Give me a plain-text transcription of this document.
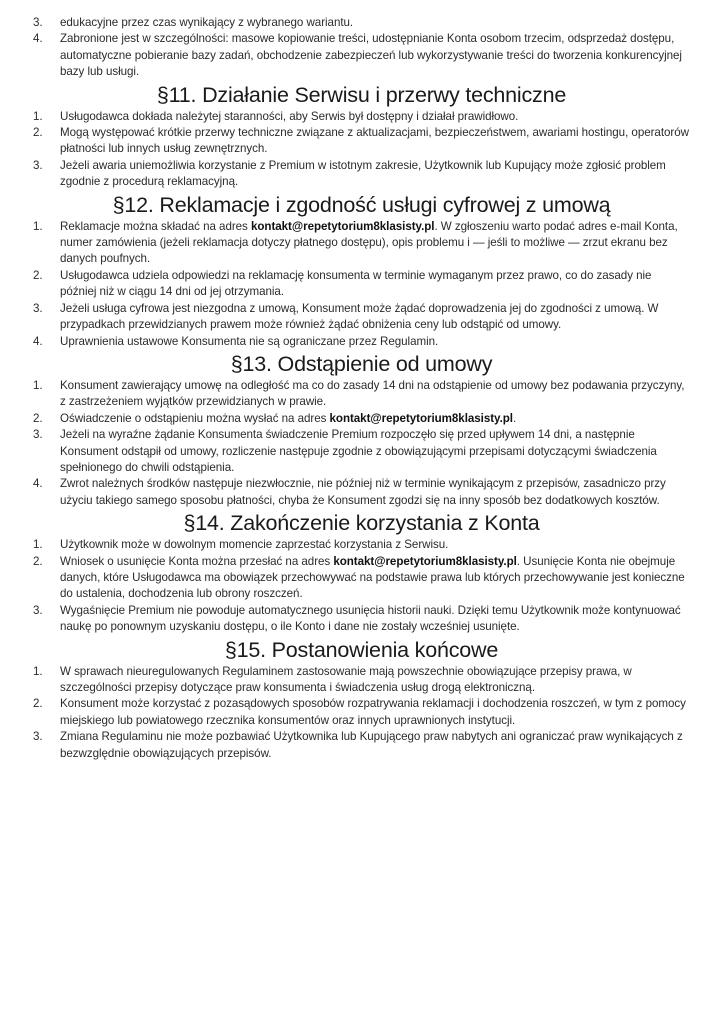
3. edukacyjne przez czas wynikający z wybranego wariantu.
4. Zabronione jest w szczególności: masowe kopiowanie treści, udostępnianie Konta osobom trzecim, odsprzedaż dostępu, automatyczne pobieranie bazy zadań, obchodzenie zabezpieczeń lub wykorzystywanie treści do tworzenia konkurencyjnej bazy lub usługi.
§11. Działanie Serwisu i przerwy techniczne
1. Usługodawca dokłada należytej staranności, aby Serwis był dostępny i działał prawidłowo.
2. Mogą występować krótkie przerwy techniczne związane z aktualizacjami, bezpieczeństwem, awariami hostingu, operatorów płatności lub innych usług zewnętrznych.
3. Jeżeli awaria uniemożliwia korzystanie z Premium w istotnym zakresie, Użytkownik lub Kupujący może zgłosić problem zgodnie z procedurą reklamacyjną.
§12. Reklamacje i zgodność usługi cyfrowej z umową
1. Reklamacje można składać na adres kontakt@repetytorium8klasisty.pl. W zgłoszeniu warto podać adres e-mail Konta, numer zamówienia (jeżeli reklamacja dotyczy płatnego dostępu), opis problemu i — jeśli to możliwe — zrzut ekranu bez danych poufnych.
2. Usługodawca udziela odpowiedzi na reklamację konsumenta w terminie wymaganym przez prawo, co do zasady nie później niż w ciągu 14 dni od jej otrzymania.
3. Jeżeli usługa cyfrowa jest niezgodna z umową, Konsument może żądać doprowadzenia jej do zgodności z umową. W przypadkach przewidzianych prawem może również żądać obniżenia ceny lub odstąpić od umowy.
4. Uprawnienia ustawowe Konsumenta nie są ograniczane przez Regulamin.
§13. Odstąpienie od umowy
1. Konsument zawierający umowę na odległość ma co do zasady 14 dni na odstąpienie od umowy bez podawania przyczyny, z zastrzeżeniem wyjątków przewidzianych w prawie.
2. Oświadczenie o odstąpieniu można wysłać na adres kontakt@repetytorium8klasisty.pl.
3. Jeżeli na wyraźne żądanie Konsumenta świadczenie Premium rozpoczęło się przed upływem 14 dni, a następnie Konsument odstąpił od umowy, rozliczenie następuje zgodnie z obowiązującymi przepisami dotyczącymi świadczenia spełnionego do chwili odstąpienia.
4. Zwrot należnych środków następuje niezwłocznie, nie później niż w terminie wynikającym z przepisów, zasadniczo przy użyciu takiego samego sposobu płatności, chyba że Konsument zgodzi się na inny sposób bez dodatkowych kosztów.
§14. Zakończenie korzystania z Konta
1. Użytkownik może w dowolnym momencie zaprzestać korzystania z Serwisu.
2. Wniosek o usunięcie Konta można przesłać na adres kontakt@repetytorium8klasisty.pl. Usunięcie Konta nie obejmuje danych, które Usługodawca ma obowiązek przechowywać na podstawie prawa lub których przechowywanie jest konieczne do ustalenia, dochodzenia lub obrony roszczeń.
3. Wygaśnięcie Premium nie powoduje automatycznego usunięcia historii nauki. Dzięki temu Użytkownik może kontynuować naukę po ponownym uzyskaniu dostępu, o ile Konto i dane nie zostały wcześniej usunięte.
§15. Postanowienia końcowe
1. W sprawach nieuregulowanych Regulaminem zastosowanie mają powszechnie obowiązujące przepisy prawa, w szczególności przepisy dotyczące praw konsumenta i świadczenia usług drogą elektroniczną.
2. Konsument może korzystać z pozasądowych sposobów rozpatrywania reklamacji i dochodzenia roszczeń, w tym z pomocy miejskiego lub powiatowego rzecznika konsumentów oraz innych uprawnionych instytucji.
3. Zmiana Regulaminu nie może pozbawiać Użytkownika lub Kupującego praw nabytych ani ograniczać praw wynikających z bezwzględnie obowiązujących przepisów.
